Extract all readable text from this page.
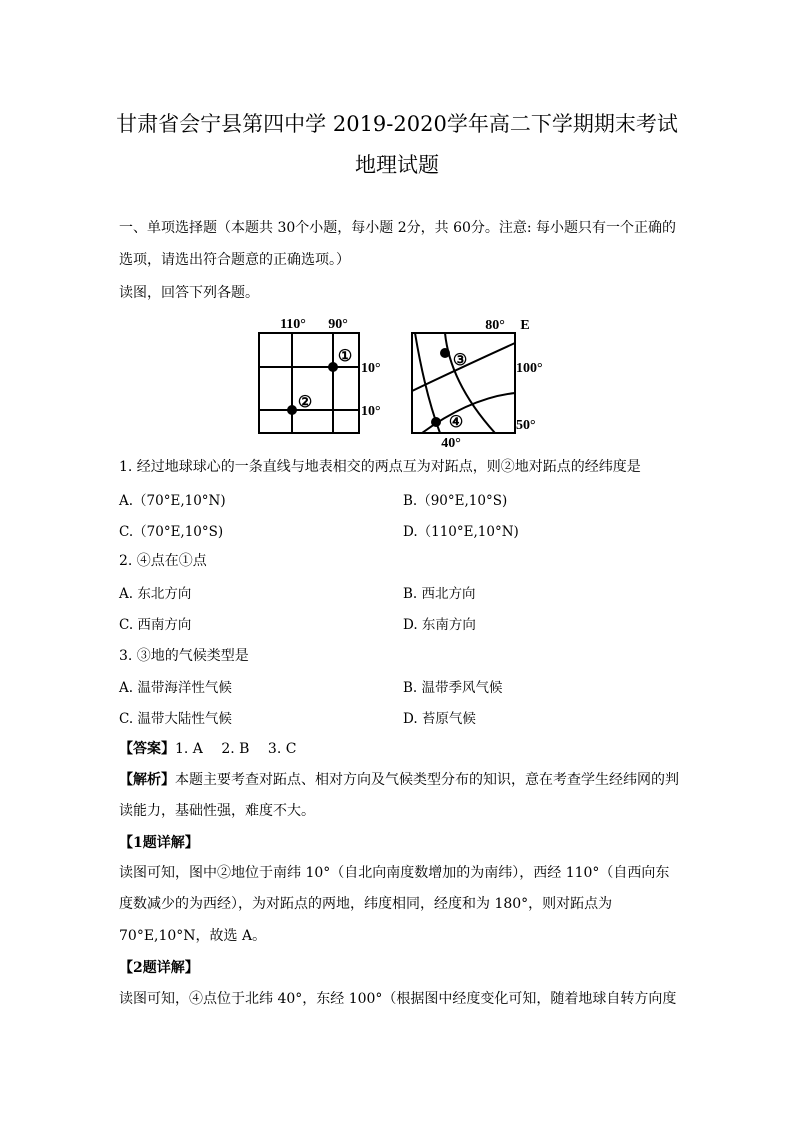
甘肃省会宁县第四中学 2019-2020学年高二下学期期末考试
地理试题
一、单项选择题（本题共 30个小题，每小题 2分，共 60分。注意: 每小题只有一个正确的
选项，请选出符合题意的正确选项。）
读图，回答下列各题。
110° 90°
10°
10°
①
②
80° E
100°
50°
40°
③
④
1. 经过地球球心的一条直线与地表相交的两点互为对跖点，则②地对跖点的经纬度是
A.（70°E,10°N)	B.（90°E,10°S)
C.（70°E,10°S)	D.（110°E,10°N)
2. ④点在①点
A. 东北方向	B. 西北方向
C. 西南方向	D. 东南方向
3. ③地的气候类型是
A. 温带海洋性气候	B. 温带季风气候
C. 温带大陆性气候	D. 苔原气候
【答案】1. A　 2. B　 3. C
【解析】本题主要考查对跖点、相对方向及气候类型分布的知识，意在考查学生经纬网的判
读能力，基础性强，难度不大。
【1题详解】
读图可知，图中②地位于南纬 10°（自北向南度数增加的为南纬），西经 110°（自西向东
度数减少的为西经），为对跖点的两地，纬度相同，经度和为 180°，则对跖点为
70°E,10°N，故选 A。
【2题详解】
读图可知，④点位于北纬 40°，东经 100°（根据图中经度变化可知，随着地球自转方向度
